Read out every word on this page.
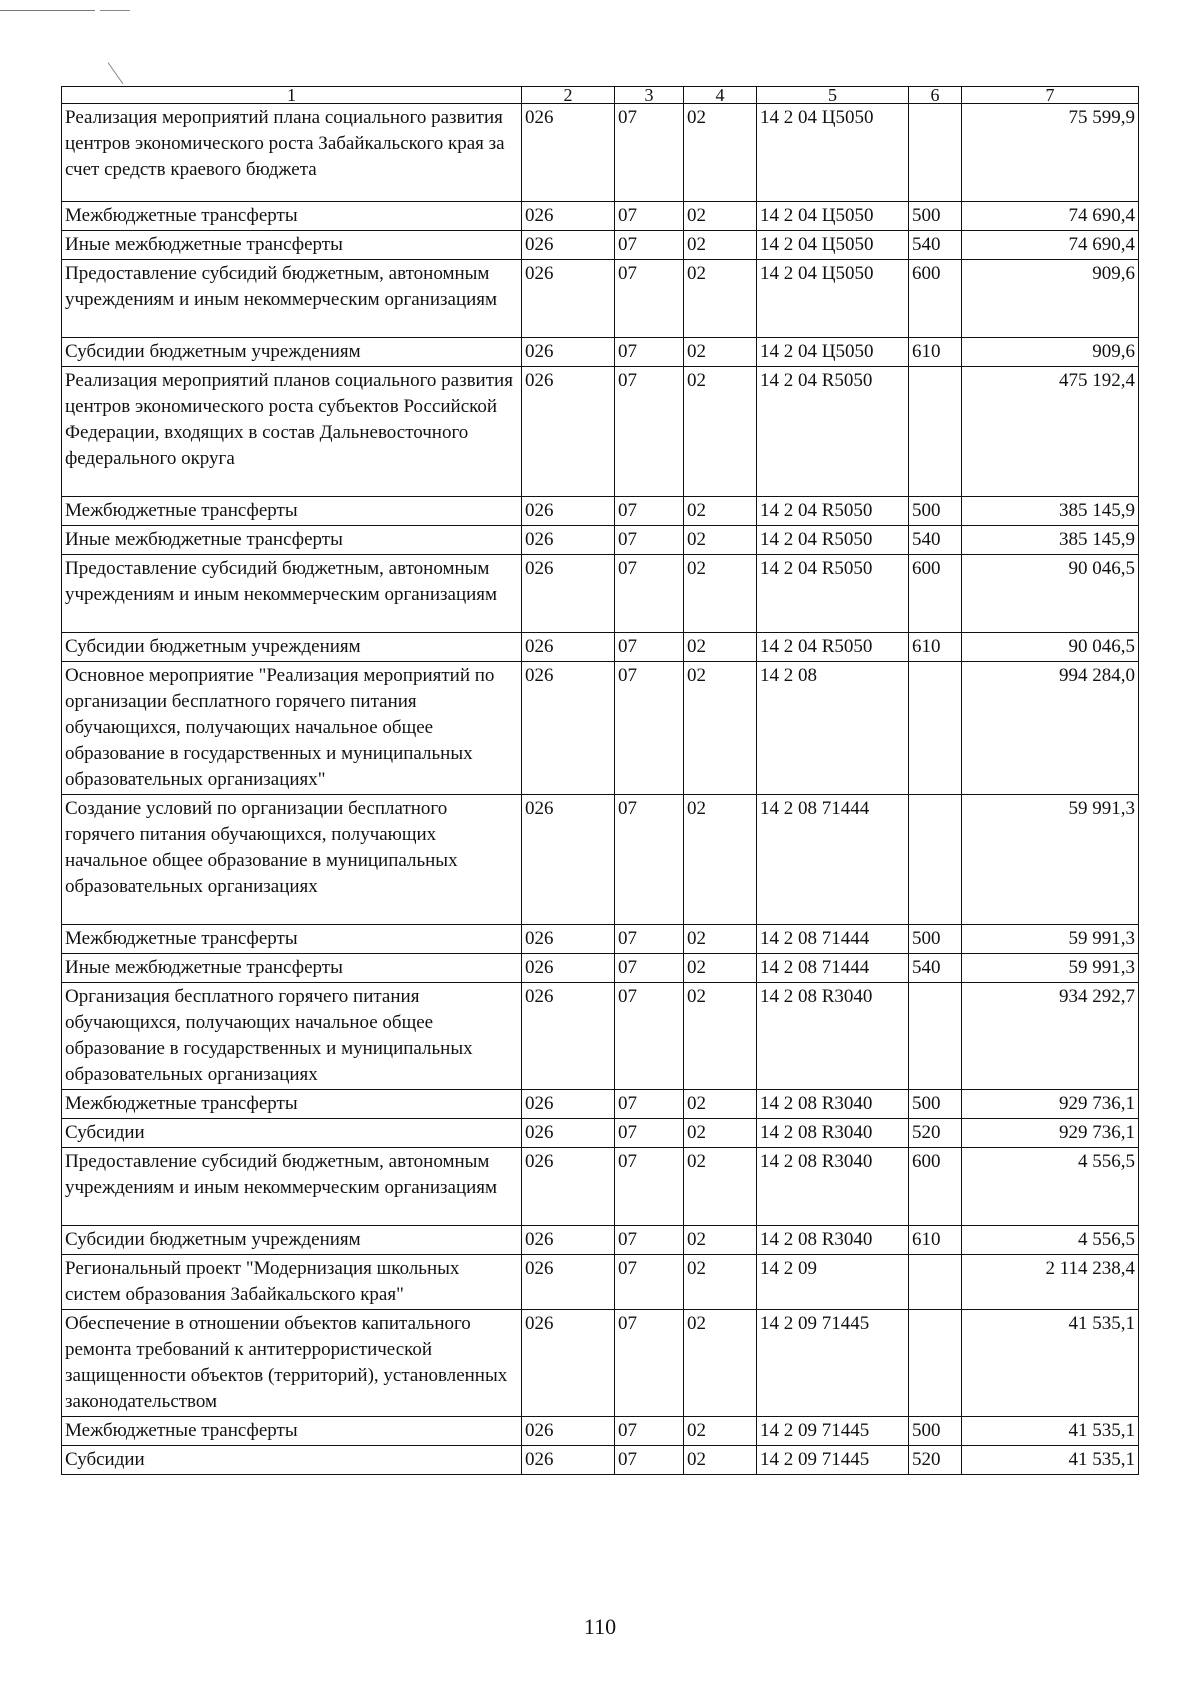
1	2	3	4	5	6	7
Реализация мероприятий плана социального развития центров экономического роста Забайкальского края за счет средств краевого бюджета	026	07	02	14 2 04 Ц5050		75 599,9
Межбюджетные трансферты	026	07	02	14 2 04 Ц5050	500	74 690,4
Иные межбюджетные трансферты	026	07	02	14 2 04 Ц5050	540	74 690,4
Предоставление субсидий бюджетным, автономным учреждениям и иным некоммерческим организациям	026	07	02	14 2 04 Ц5050	600	909,6
Субсидии бюджетным учреждениям	026	07	02	14 2 04 Ц5050	610	909,6
Реализация мероприятий планов социального развития центров экономического роста субъектов Российской Федерации, входящих в состав Дальневосточного федерального округа	026	07	02	14 2 04 R5050		475 192,4
Межбюджетные трансферты	026	07	02	14 2 04 R5050	500	385 145,9
Иные межбюджетные трансферты	026	07	02	14 2 04 R5050	540	385 145,9
Предоставление субсидий бюджетным, автономным учреждениям и иным некоммерческим организациям	026	07	02	14 2 04 R5050	600	90 046,5
Субсидии бюджетным учреждениям	026	07	02	14 2 04 R5050	610	90 046,5
Основное мероприятие "Реализация мероприятий по организации бесплатного горячего питания обучающихся, получающих начальное общее образование в государственных и муниципальных образовательных организациях"	026	07	02	14 2 08		994 284,0
Создание условий по организации бесплатного горячего питания обучающихся, получающих начальное общее образование в муниципальных образовательных организациях	026	07	02	14 2 08 71444		59 991,3
Межбюджетные трансферты	026	07	02	14 2 08 71444	500	59 991,3
Иные межбюджетные трансферты	026	07	02	14 2 08 71444	540	59 991,3
Организация бесплатного горячего питания обучающихся, получающих начальное общее образование в государственных и муниципальных образовательных организациях	026	07	02	14 2 08 R3040		934 292,7
Межбюджетные трансферты	026	07	02	14 2 08 R3040	500	929 736,1
Субсидии	026	07	02	14 2 08 R3040	520	929 736,1
Предоставление субсидий бюджетным, автономным учреждениям и иным некоммерческим организациям	026	07	02	14 2 08 R3040	600	4 556,5
Субсидии бюджетным учреждениям	026	07	02	14 2 08 R3040	610	4 556,5
Региональный проект "Модернизация школьных систем образования Забайкальского края"	026	07	02	14 2 09		2 114 238,4
Обеспечение в отношении объектов капитального ремонта требований к антитеррористической защищенности объектов (территорий), установленных законодательством	026	07	02	14 2 09 71445		41 535,1
Межбюджетные трансферты	026	07	02	14 2 09 71445	500	41 535,1
Субсидии	026	07	02	14 2 09 71445	520	41 535,1
110
